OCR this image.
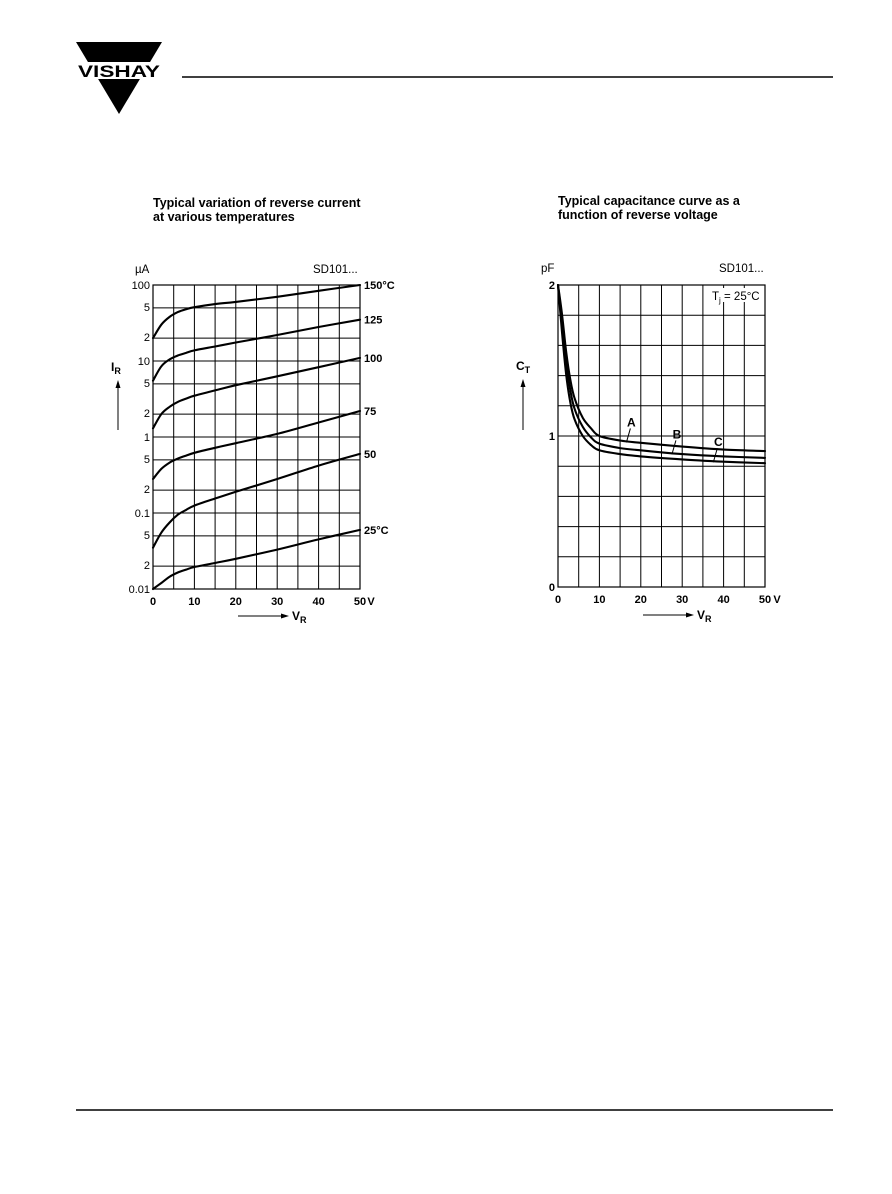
VISHAY
Typical variation of reverse current
at various temperatures
SD101...
µA
100
5
2
10
5
2
1
5
2
0.1
5
2
0.01
0	10	20	30	40	50 V
150°C
125
100
75
50
25°C
$I_R$
$V_R$
Typical capacitance curve as a
function of reverse voltage
SD101...
pF
2
1
0
0	10	20	30	40	50 V
A
B
C
$T_j = 25^\circ C$
$C_T$
$V_R$
